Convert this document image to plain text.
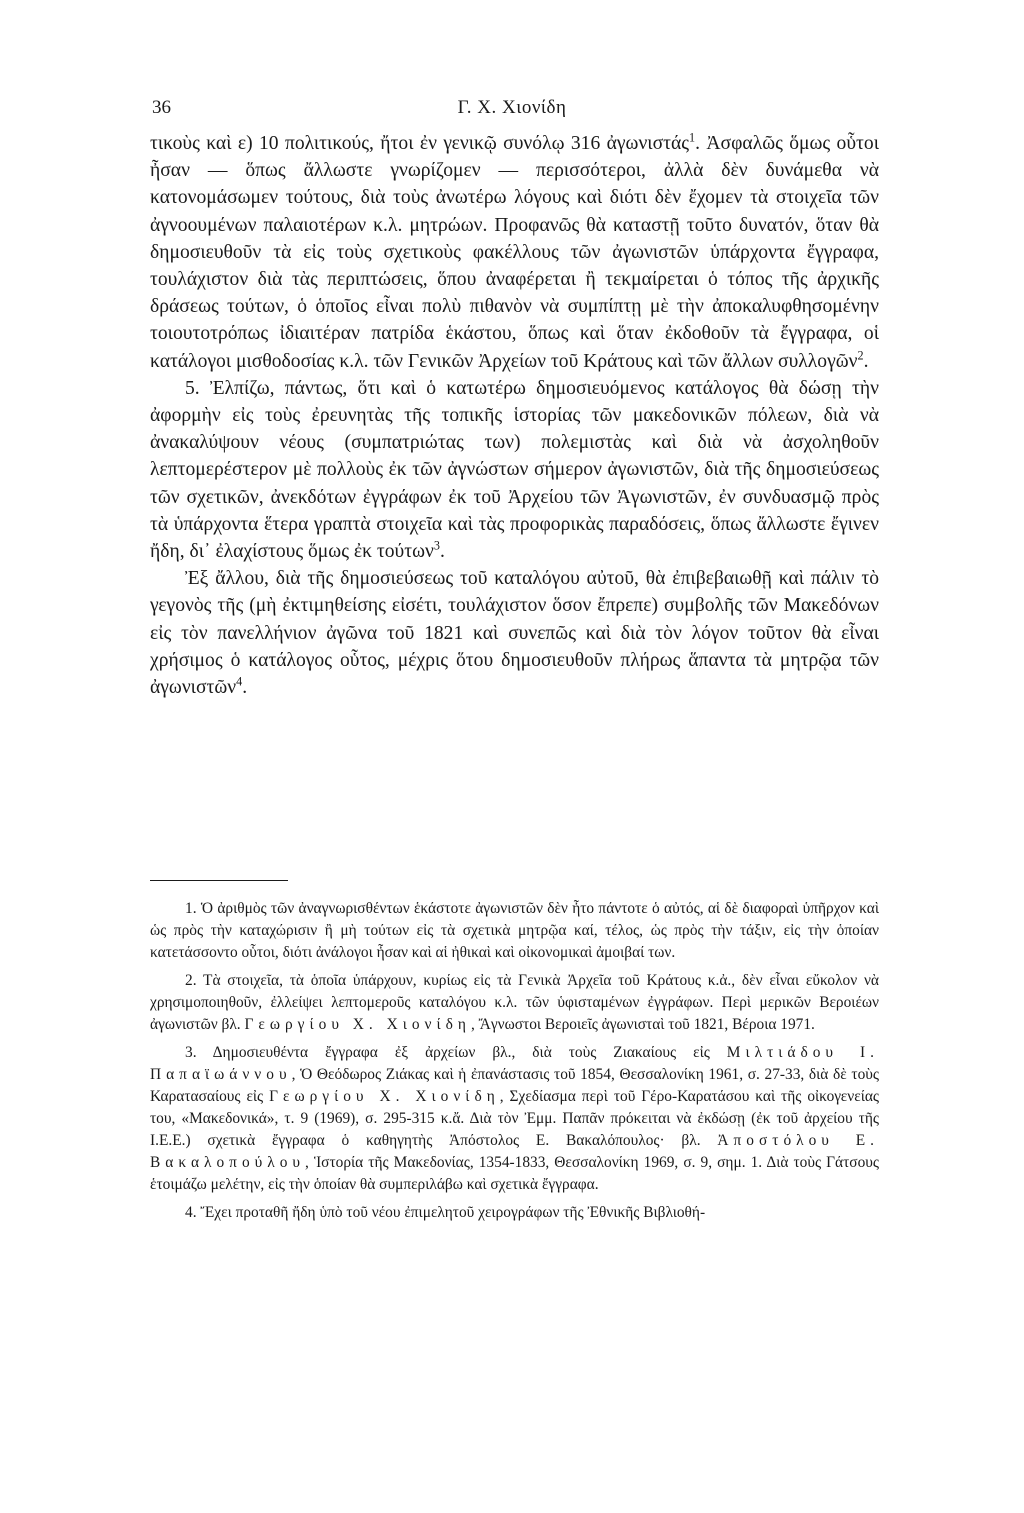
36	Γ. Χ. Χιονίδη

τικοὺς καὶ ε) 10 πολιτικούς, ἤτοι ἐν γενικῷ συνόλῳ 316 ἀγωνιστάς$^1$. Ἀσφαλῶς ὅμως οὗτοι ἦσαν — ὅπως ἄλλωστε γνωρίζομεν — περισσότεροι, ἀλλὰ δὲν δυνάμεθα νὰ κατονομάσωμεν τούτους, διὰ τοὺς ἀνωτέρω λόγους καὶ διότι δὲν ἔχομεν τὰ στοιχεῖα τῶν ἀγνοουμένων παλαιοτέρων κ.λ. μητρώων. Προφανῶς θὰ καταστῇ τοῦτο δυνατόν, ὅταν θὰ δημοσιευθοῦν τὰ εἰς τοὺς σχετικοὺς φακέλλους τῶν ἀγωνιστῶν ὑπάρχοντα ἔγγραφα, τουλάχιστον διὰ τὰς περιπτώσεις, ὅπου ἀναφέρεται ἢ τεκμαίρεται ὁ τόπος τῆς ἀρχικῆς δράσεως τούτων, ὁ ὁποῖος εἶναι πολὺ πιθανὸν νὰ συμπίπτῃ μὲ τὴν ἀποκαλυφθησομένην τοιουτοτρόπως ἰδιαιτέραν πατρίδα ἑκάστου, ὅπως καὶ ὅταν ἐκδοθοῦν τὰ ἔγγραφα, οἱ κατάλογοι μισθοδοσίας κ.λ. τῶν Γενικῶν Ἀρχείων τοῦ Κράτους καὶ τῶν ἄλλων συλλογῶν$^2$.

5. Ἐλπίζω, πάντως, ὅτι καὶ ὁ κατωτέρω δημοσιευόμενος κατάλογος θὰ δώσῃ τὴν ἀφορμὴν εἰς τοὺς ἐρευνητὰς τῆς τοπικῆς ἱστορίας τῶν μακεδονικῶν πόλεων, διὰ νὰ ἀνακαλύψουν νέους (συμπατριώτας των) πολεμιστὰς καὶ διὰ νὰ ἀσχοληθοῦν λεπτομερέστερον μὲ πολλοὺς ἐκ τῶν ἀγνώστων σήμερον ἀγωνιστῶν, διὰ τῆς δημοσιεύσεως τῶν σχετικῶν, ἀνεκδότων ἐγγράφων ἐκ τοῦ Ἀρχείου τῶν Ἀγωνιστῶν, ἐν συνδυασμῷ πρὸς τὰ ὑπάρχοντα ἕτερα γραπτὰ στοιχεῖα καὶ τὰς προφορικὰς παραδόσεις, ὅπως ἄλλωστε ἔγινεν ἤδη, δι᾽ ἐλαχίστους ὅμως ἐκ τούτων$^3$.

Ἐξ ἄλλου, διὰ τῆς δημοσιεύσεως τοῦ καταλόγου αὐτοῦ, θὰ ἐπιβεβαιωθῇ καὶ πάλιν τὸ γεγονὸς τῆς (μὴ ἐκτιμηθείσης εἰσέτι, τουλάχιστον ὅσον ἔπρεπε) συμβολῆς τῶν Μακεδόνων εἰς τὸν πανελλήνιον ἀγῶνα τοῦ 1821 καὶ συνεπῶς καὶ διὰ τὸν λόγον τοῦτον θὰ εἶναι χρήσιμος ὁ κατάλογος οὗτος, μέχρις ὅτου δημοσιευθοῦν πλήρως ἅπαντα τὰ μητρῷα τῶν ἀγωνιστῶν$^4$.

1. Ὁ ἀριθμὸς τῶν ἀναγνωρισθέντων ἑκάστοτε ἀγωνιστῶν δὲν ἦτο πάντοτε ὁ αὐτός, αἱ δὲ διαφοραὶ ὑπῆρχον καὶ ὡς πρὸς τὴν καταχώρισιν ἢ μὴ τούτων εἰς τὰ σχετικὰ μητρῷα καί, τέλος, ὡς πρὸς τὴν τάξιν, εἰς τὴν ὁποίαν κατετάσσοντο οὗτοι, διότι ἀνάλογοι ἦσαν καὶ αἱ ἠθικαὶ καὶ οἰκονομικαὶ ἀμοιβαί των.

2. Τὰ στοιχεῖα, τὰ ὁποῖα ὑπάρχουν, κυρίως εἰς τὰ Γενικὰ Ἀρχεῖα τοῦ Κράτους κ.ἀ., δὲν εἶναι εὔκολον νὰ χρησιμοποιηθοῦν, ἐλλείψει λεπτομεροῦς καταλόγου κ.λ. τῶν ὑφισταμένων ἐγγράφων. Περὶ μερικῶν Βεροιέων ἀγωνιστῶν βλ. Γεωργίου Χ. Χιονίδη, Ἄγνωστοι Βεροιεῖς ἀγωνισταὶ τοῦ 1821, Βέροια 1971.

3. Δημοσιευθέντα ἔγγραφα ἐξ ἀρχείων βλ., διὰ τοὺς Ζιακαίους εἰς Μιλτιάδου Ι. Παπαϊωάννου, Ὁ Θεόδωρος Ζιάκας καὶ ἡ ἐπανάστασις τοῦ 1854, Θεσσαλονίκη 1961, σ. 27-33, διὰ δὲ τοὺς Καρατασαίους εἰς Γεωργίου Χ. Χιονίδη, Σχεδίασμα περὶ τοῦ Γέρο-Καρατάσου καὶ τῆς οἰκογενείας του, «Μακεδονικά», τ. 9 (1969), σ. 295-315 κ.ἄ. Διὰ τὸν Ἐμμ. Παπᾶν πρόκειται νὰ ἐκδώσῃ (ἐκ τοῦ ἀρχείου τῆς Ι.Ε.Ε.) σχετικὰ ἔγγραφα ὁ καθηγητὴς Ἀπόστολος Ε. Βακαλόπουλος· βλ. Ἀποστόλου Ε. Βακαλοπούλου, Ἱστορία τῆς Μακεδονίας, 1354-1833, Θεσσαλονίκη 1969, σ. 9, σημ. 1. Διὰ τοὺς Γάτσους ἑτοιμάζω μελέτην, εἰς τὴν ὁποίαν θὰ συμπεριλάβω καὶ σχετικὰ ἔγγραφα.

4. Ἔχει προταθῆ ἤδη ὑπὸ τοῦ νέου ἐπιμελητοῦ χειρογράφων τῆς Ἐθνικῆς Βιβλιοθή-
